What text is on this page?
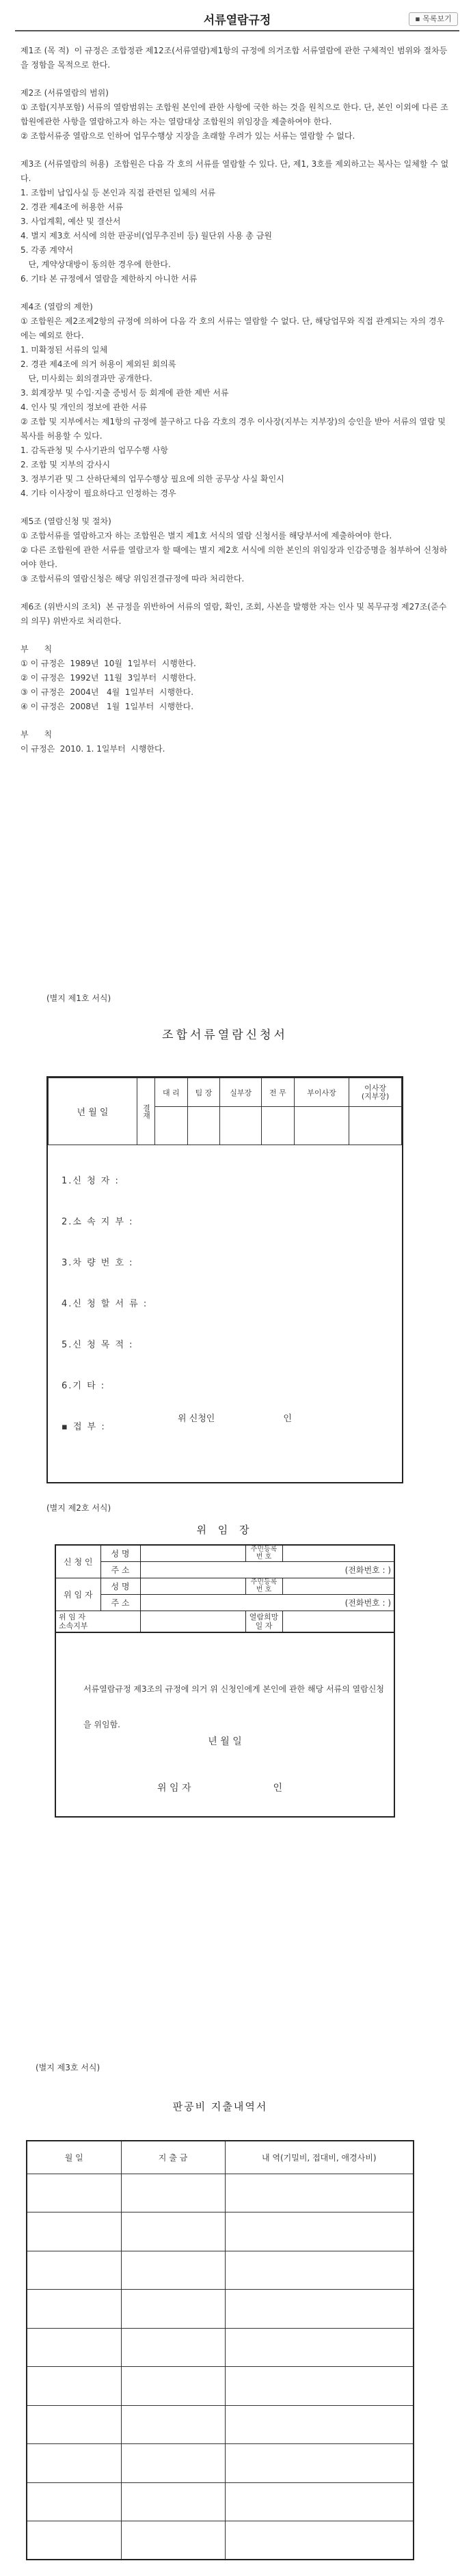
서류열람규정	▪ 목록보기

제1조 (목 적)  이 규정은 조합정관 제12조(서류열람)제1항의 규정에 의거조합 서류열람에 관한 구체적인 범위와 절차등을 정함을 목적으로 한다.

제2조 (서류열람의 범위)

① 조합(지부포함) 서류의 열람범위는 조합원 본인에 관한 사항에 국한 하는 것을 원칙으로 한다. 단, 본인 이외에 다른 조합원에관한 사항을 열람하고자 하는 자는 열람대상 조합원의 위임장을 제출하여야 한다.

② 조합서류중 열람으로 인하여 업무수행상 지장을 초래할 우려가 있는 서류는 열람할 수 없다.

제3조 (서류열람의 허용)  조합원은 다음 각 호의 서류를 열람할 수 있다. 단, 제1, 3호를 제외하고는 복사는 일체할 수 없다.

1. 조합비 납입사실 등 본인과 직접 관련된 일체의 서류

2. 경관 제4조에 허용한 서류

3. 사업계획, 예산 및 결산서

4. 별지 제3호 서식에 의한 판공비(업무추진비 등) 월단위 사용 총 금원

5. 각종 계약서

단, 계약상대방이 동의한 경우에 한한다.

6. 기타 본 규정에서 열람을 제한하지 아니한 서류

제4조 (열람의 제한)

① 조합원은 제2조제2항의 규정에 의하여 다음 각 호의 서류는 열람할 수 없다. 단, 해당업무와 직접 관계되는 자의 경우에는 예외로 한다.

1. 미확정된 서류의 일체

2. 경관 제4조에 의거 허용이 제외된 회의록

단, 미사회는 회의결과만 공개한다.

3. 회계장부 및 수입·지출 증빙서 등 회계에 관한 제반 서류

4. 인사 및 개인의 정보에 관한 서류

② 조합 및 지부에서는 제1항의 규정에 불구하고 다음 각호의 경우 이사장(지부는 지부장)의 승인을 받아 서류의 열람 및 복사를 허용할 수 있다.

1. 감독관청 및 수사기관의 업무수행 사항

2. 조합 및 지부의 감사시

3. 정부기관 및 그 산하단체의 업무수행상 필요에 의한 공무상 사실 확인시

4. 기타 이사장이 필요하다고 인정하는 경우

제5조 (열람신청 및 절차)

① 조합서류를 열람하고자 하는 조합원은 별지 제1호 서식의 열람 신청서를 해당부서에 제출하여야 한다.

② 다른 조합원에 관한 서류를 열람코자 할 때에는 별지 제2호 서식에 의한 본인의 위임장과 인감증명을 첨부하여 신청하여야 한다.

③ 조합서류의 열람신청은 해당 위임전결규정에 따라 처리한다.

제6조 (위반시의 조치)  본 규정을 위반하여 서류의 열람, 확인, 조회, 사본을 발행한 자는 인사 및 복무규정 제27조(준수의 의무) 위반자로 처리한다.

부      칙

① 이 규정은  1989년  10월  1일부터  시행한다.

② 이 규정은  1992년  11월  3일부터  시행한다.

③ 이 규정은  2004년   4월  1일부터  시행한다.

④ 이 규정은  2008년   1월  1일부터  시행한다.

부      칙

이 규정은  2010. 1. 1일부터  시행한다.

(별지 제1호 서식)
조합서류열람신청서
년 월 일	결재	대 리	팀 장	실부장	전 무	부이사장	이사장
(지부장)

1.신 청 자 :
2.소 속 지 부 :
3.차 량 번 호 :
4.신 청 할 서 류 :
5.신 청 목 적 :
6.기 타 :
▪ 접 부 :
위 신청인	인
(별지 제2호 서식)
위 임 장
신 청 인	성 명		주민등록
번 호	
	주 소	(전화번호 : )		
위 임 자	성 명		주민등록
번 호	
	주 소	(전화번호 : )		
위 임 자
소속지부			열람희망
일 자	
서류열람규정 제3조의 규정에 의거 위 신청인에게 본인에 관한 해당 서류의 열람신청을 위임함.
년 월 일
위 임 자	인
(별지 제3호 서식)
판공비 지출내역서
월 일	지 출 금	내 역(기밀비, 접대비, 애경사비)
